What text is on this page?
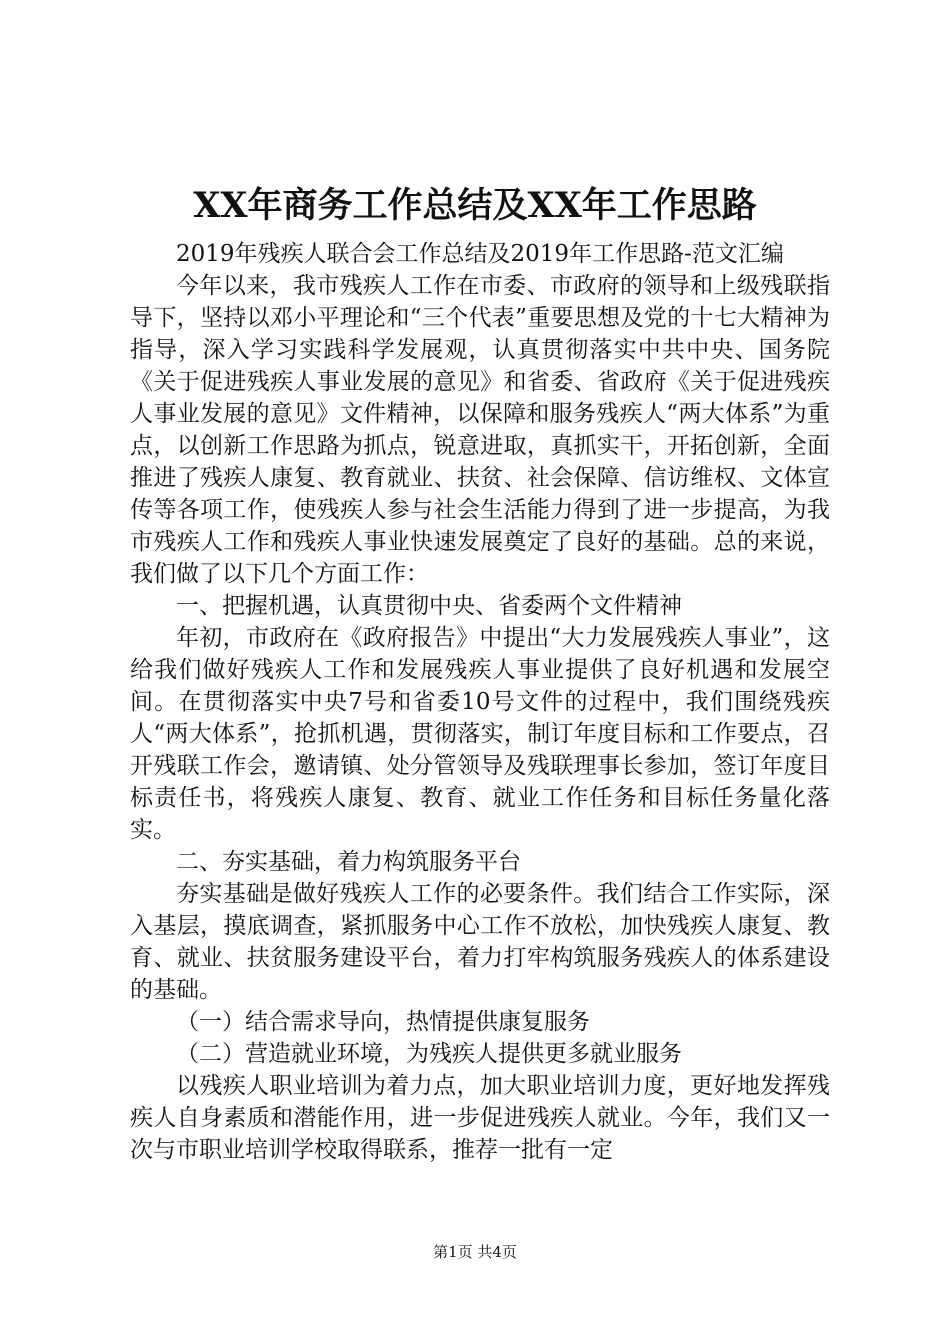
XX年商务工作总结及XX年工作思路

2019年残疾人联合会工作总结及2019年工作思路-范文汇编

今年以来，我市残疾人工作在市委、市政府的领导和上级残联指导下，坚持以邓小平理论和“三个代表”重要思想及党的十七大精神为指导，深入学习实践科学发展观，认真贯彻落实中共中央、国务院《关于促进残疾人事业发展的意见》和省委、省政府《关于促进残疾人事业发展的意见》文件精神，以保障和服务残疾人“两大体系”为重点，以创新工作思路为抓点，锐意进取，真抓实干，开拓创新，全面推进了残疾人康复、教育就业、扶贫、社会保障、信访维权、文体宣传等各项工作，使残疾人参与社会生活能力得到了进一步提高，为我市残疾人工作和残疾人事业快速发展奠定了良好的基础。总的来说，我们做了以下几个方面工作：

一、把握机遇，认真贯彻中央、省委两个文件精神

年初，市政府在《政府报告》中提出“大力发展残疾人事业”，这给我们做好残疾人工作和发展残疾人事业提供了良好机遇和发展空间。在贯彻落实中央7号和省委10号文件的过程中，我们围绕残疾人“两大体系”，抢抓机遇，贯彻落实，制订年度目标和工作要点，召开残联工作会，邀请镇、处分管领导及残联理事长参加，签订年度目标责任书，将残疾人康复、教育、就业工作任务和目标任务量化落实。

二、夯实基础，着力构筑服务平台

夯实基础是做好残疾人工作的必要条件。我们结合工作实际，深入基层，摸底调查，紧抓服务中心工作不放松，加快残疾人康复、教育、就业、扶贫服务建设平台，着力打牢构筑服务残疾人的体系建设的基础。

（一）结合需求导向，热情提供康复服务

（二）营造就业环境，为残疾人提供更多就业服务

以残疾人职业培训为着力点，加大职业培训力度，更好地发挥残疾人自身素质和潜能作用，进一步促进残疾人就业。今年，我们又一次与市职业培训学校取得联系，推荐一批有一定

第1页 共4页
